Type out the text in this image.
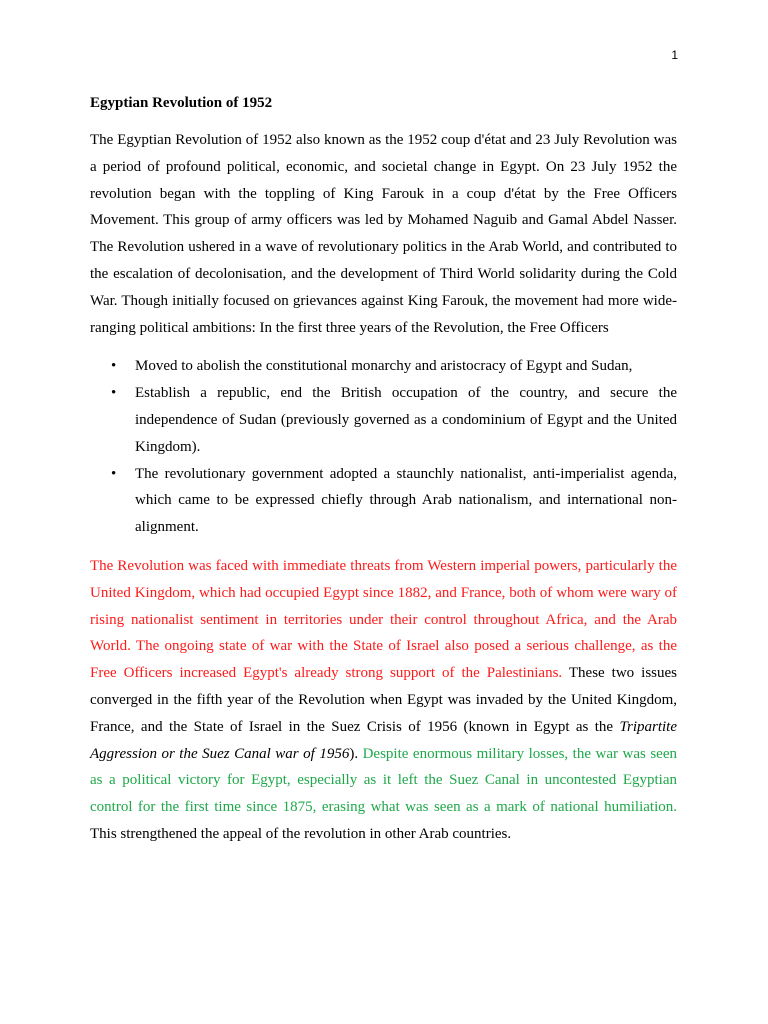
1
Egyptian Revolution of 1952

The Egyptian Revolution of 1952 also known as the 1952 coup d'état and 23 July Revolution was a period of profound political, economic, and societal change in Egypt. On 23 July 1952 the revolution began with the toppling of King Farouk in a coup d'état by the Free Officers Movement. This group of army officers was led by Mohamed Naguib and Gamal Abdel Nasser. The Revolution ushered in a wave of revolutionary politics in the Arab World, and contributed to the escalation of decolonisation, and the development of Third World solidarity during the Cold War. Though initially focused on grievances against King Farouk, the movement had more wide-ranging political ambitions: In the first three years of the Revolution, the Free Officers

• Moved to abolish the constitutional monarchy and aristocracy of Egypt and Sudan,
• Establish a republic, end the British occupation of the country, and secure the independence of Sudan (previously governed as a condominium of Egypt and the United Kingdom).
• The revolutionary government adopted a staunchly nationalist, anti-imperialist agenda, which came to be expressed chiefly through Arab nationalism, and international non-alignment.

The Revolution was faced with immediate threats from Western imperial powers, particularly the United Kingdom, which had occupied Egypt since 1882, and France, both of whom were wary of rising nationalist sentiment in territories under their control throughout Africa, and the Arab World. The ongoing state of war with the State of Israel also posed a serious challenge, as the Free Officers increased Egypt's already strong support of the Palestinians. These two issues converged in the fifth year of the Revolution when Egypt was invaded by the United Kingdom, France, and the State of Israel in the Suez Crisis of 1956 (known in Egypt as the Tripartite Aggression or the Suez Canal war of 1956). Despite enormous military losses, the war was seen as a political victory for Egypt, especially as it left the Suez Canal in uncontested Egyptian control for the first time since 1875, erasing what was seen as a mark of national humiliation. This strengthened the appeal of the revolution in other Arab countries.
